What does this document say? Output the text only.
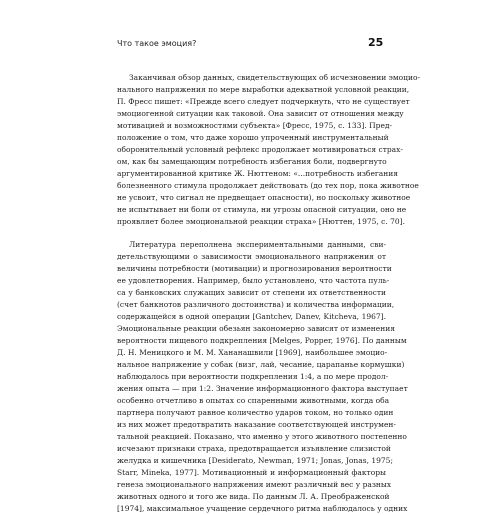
Что такое эмоция?	25
Заканчивая обзор данных, свидетельствующих об исчезновении эмоцио-
нального напряжения по мере выработки адекватной условной реакции,
П. Фресс пишет: «Прежде всего следует подчеркнуть, что не существует
эмоциогенной ситуации как таковой. Она зависит от отношения между
мотивацией и возможностями субъекта» [Фресс, 1975, с. 133]. Пред-
положение о том, что даже хорошо упроченный инструментальный
оборонительный условный рефлекс продолжает мотивироваться страх-
ом, как бы замещающим потребность избегания боли, подвергнуто
аргументированной критике Ж. Нюттеном: «...потребность избегания
болезненного стимула продолжает действовать (до тех пор, пока животное
не усвоит, что сигнал не предвещает опасности), но поскольку животное
не испытывает ни боли от стимула, ни угрозы опасной ситуации, оно не
проявляет более эмоциональной реакции страха» [Нюттен, 1975, с. 70].
Литература переполнена экспериментальными данными, сви-
детельствующими о зависимости эмоционального напряжения от
величины потребности (мотивации) и прогнозирования вероятности
ее удовлетворения. Например, было установлено, что частота пуль-
са у банковских служащих зависит от степени их ответственности
(счет банкнотов различного достоинства) и количества информации,
содержащейся в одной операции [Gantchev, Danev, Kitcheva, 1967].
Эмоциональные реакции обезьян закономерно зависят от изменения
вероятности пищевого подкрепления [Melges, Popper, 1976]. По данным
Д. Н. Меницкого и М. М. Хананашвили [1969], наибольшее эмоцио-
нальное напряжение у собак (визг, лай, чесание, царапанье кормушки)
наблюдалось при вероятности подкрепления 1:4, а по мере продол-
жения опыта — при 1:2. Значение информационного фактора выступает
особенно отчетливо в опытах со спаренными животными, когда оба
партнера получают равное количество ударов током, но только один
из них может предотвратить наказание соответствующей инструмен-
тальной реакцией. Показано, что именно у этого животного постепенно
исчезают признаки страха, предотвращается изъявление слизистой
желудка и кишечника [Desiderato, Newman, 1971; Jonas, Jonas, 1975;
Starr, Mineka, 1977]. Мотивационный и информационный факторы
генеза эмоционального напряжения имеют различный вес у разных
животных одного и того же вида. По данным Л. А. Преображенской
[1974], максимальное учащение сердечного ритма наблюдалось у одних
